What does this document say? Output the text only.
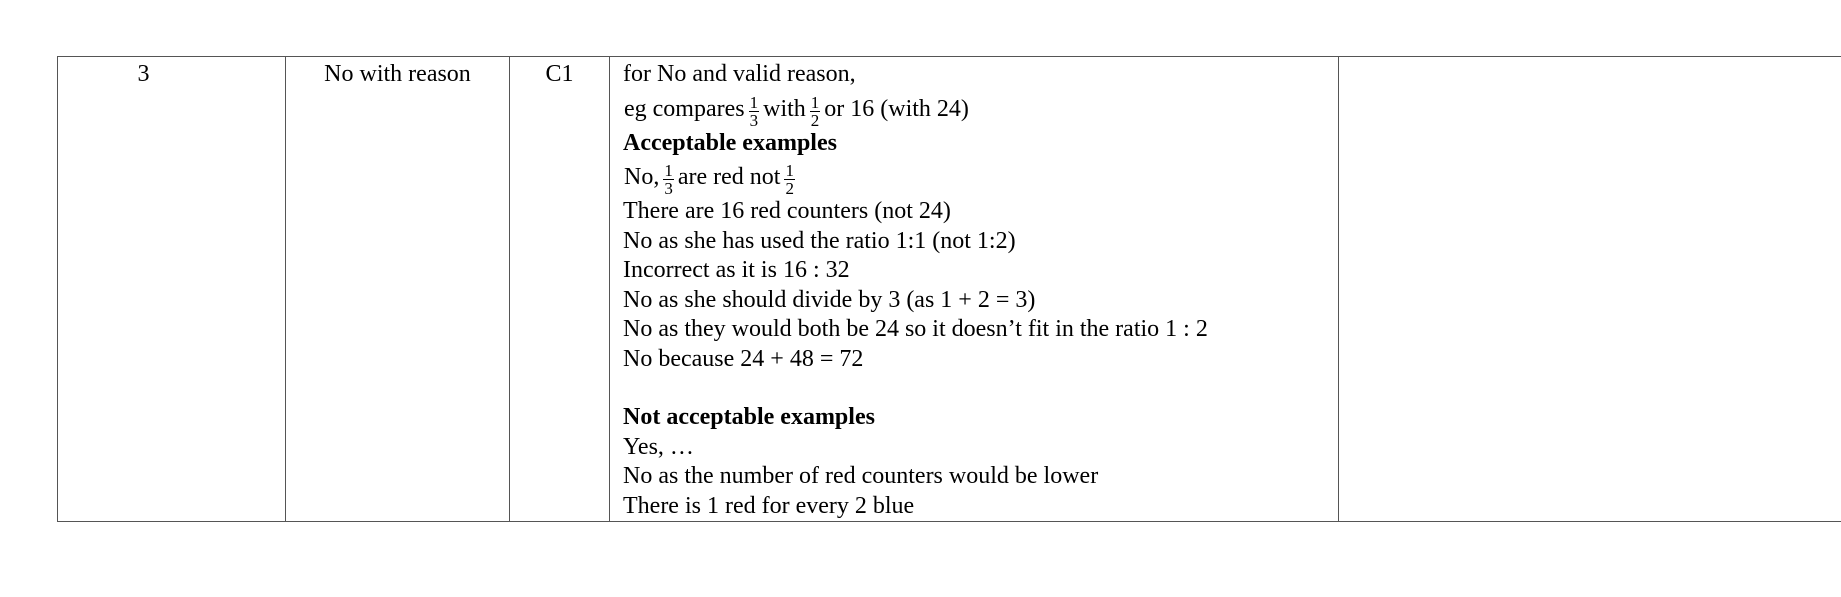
3	No with reason	C1	for No and valid reason,
eg compares $\frac{1}{3}$ with $\frac{1}{2}$ or 16 (with 24)
Acceptable examples
No, $\frac{1}{3}$ are red not $\frac{1}{2}$
There are 16 red counters (not 24)
No as she has used the ratio 1:1 (not 1:2)
Incorrect as it is 16 : 32
No as she should divide by 3 (as 1 + 2 = 3)
No as they would both be 24 so it doesn’t fit in the ratio 1 : 2
No because 24 + 48 = 72
Not acceptable examples
Yes, …
No as the number of red counters would be lower
There is 1 red for every 2 blue
